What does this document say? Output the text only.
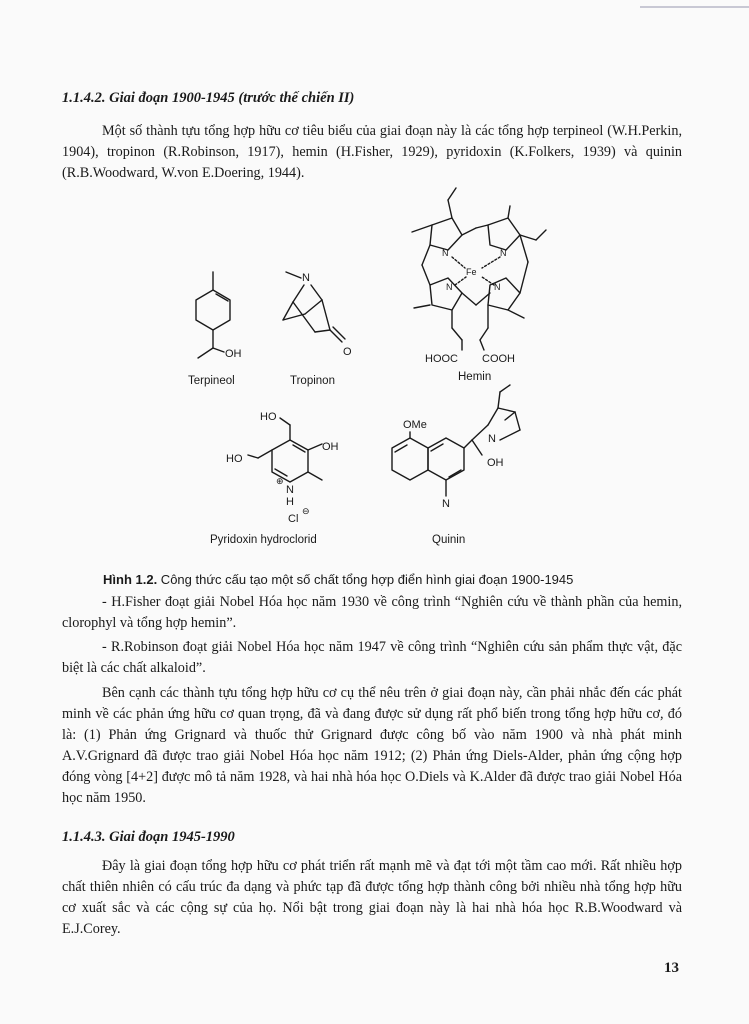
1.1.4.2. Giai đoạn 1900-1945 (trước thế chiến II)
Một số thành tựu tổng hợp hữu cơ tiêu biểu của giai đoạn này là các tổng hợp terpineol (W.H.Perkin, 1904), tropinon (R.Robinson, 1917), hemin (H.Fisher, 1929), pyridoxin (K.Folkers, 1939) và quinin (R.B.Woodward, W.von E.Doering, 1944).
OH
Terpineol
N
O
Tropinon
N	N
N	N
Fe
HOOC COOH
Hemin
HO
OH
HO
N
⊕
H
Cl
⊖
Pyridoxin hydroclorid
OMe
N
OH
N
Quinin
Hình 1.2. Công thức cấu tạo một số chất tổng hợp điển hình giai đoạn 1900-1945
- H.Fisher đoạt giải Nobel Hóa học năm 1930 về công trình “Nghiên cứu về thành phần của hemin, clorophyl và tổng hợp hemin”.
- R.Robinson đoạt giải Nobel Hóa học năm 1947 về công trình “Nghiên cứu sản phẩm thực vật, đặc biệt là các chất alkaloid”.
Bên cạnh các thành tựu tổng hợp hữu cơ cụ thể nêu trên ở giai đoạn này, cần phải nhắc đến các phát minh về các phản ứng hữu cơ quan trọng, đã và đang được sử dụng rất phổ biến trong tổng hợp hữu cơ, đó là: (1) Phản ứng Grignard và thuốc thử Grignard được công bố vào năm 1900 và nhà phát minh A.V.Grignard đã được trao giải Nobel Hóa học năm 1912; (2) Phản ứng Diels-Alder, phản ứng cộng hợp đóng vòng [4+2] được mô tả năm 1928, và hai nhà hóa học O.Diels và K.Alder đã được trao giải Nobel Hóa học năm 1950.
1.1.4.3. Giai đoạn 1945-1990
Đây là giai đoạn tổng hợp hữu cơ phát triển rất mạnh mẽ và đạt tới một tầm cao mới. Rất nhiều hợp chất thiên nhiên có cấu trúc đa dạng và phức tạp đã được tổng hợp thành công bởi nhiều nhà tổng hợp hữu cơ xuất sắc và các cộng sự của họ. Nổi bật trong giai đoạn này là hai nhà hóa học R.B.Woodward và E.J.Corey.
13
